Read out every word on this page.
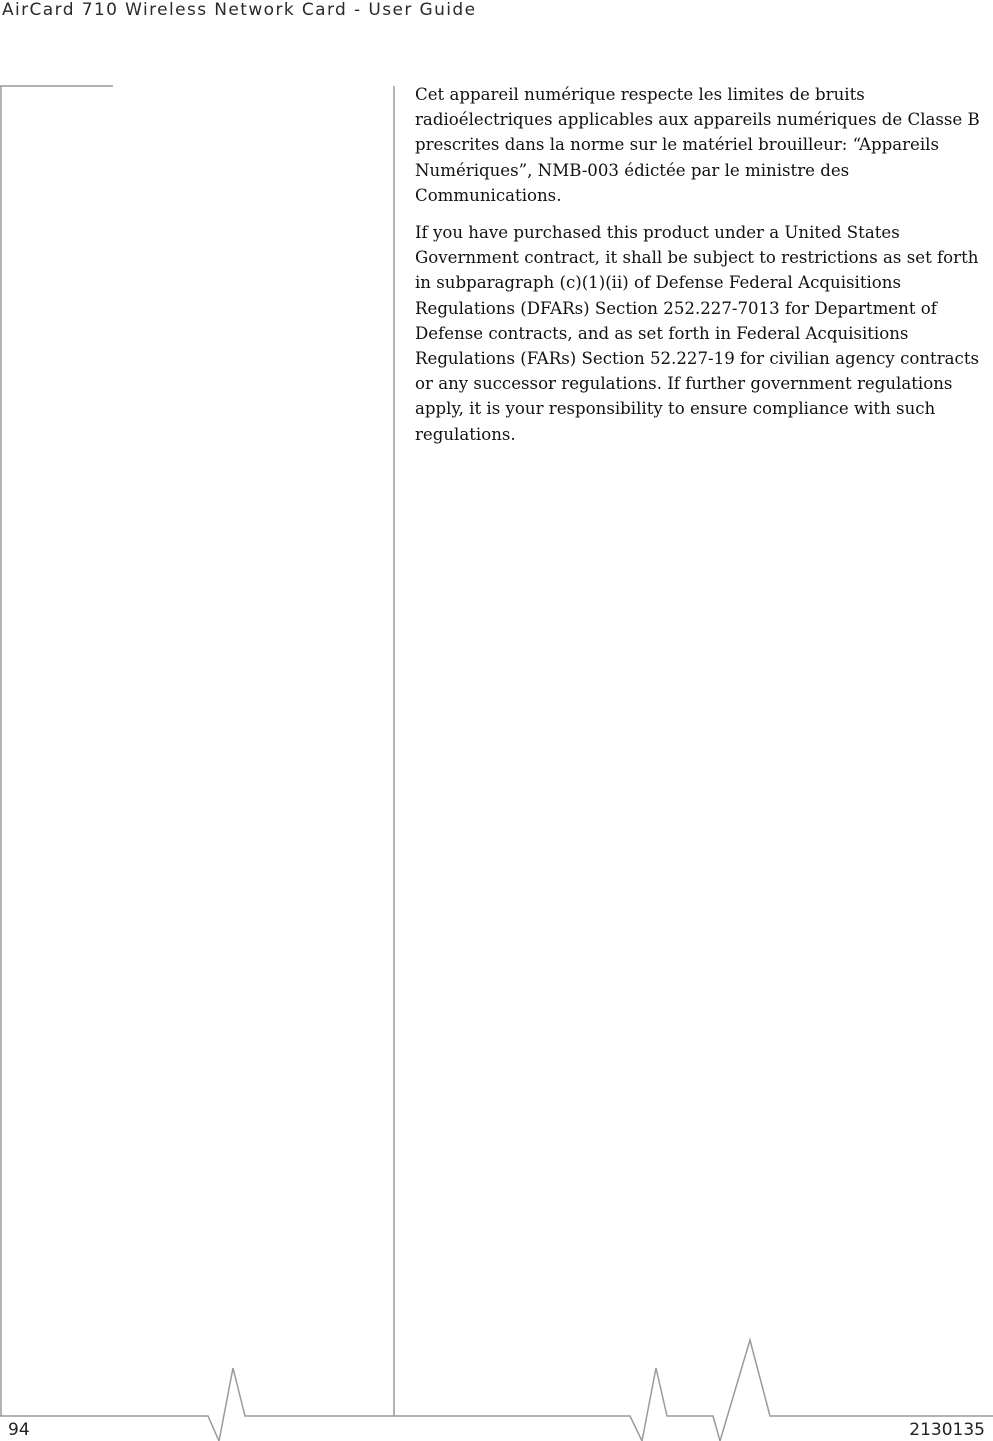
AirCard 710 Wireless Network Card - User Guide

Cet appareil numérique respecte les limites de bruits radioélectriques applicables aux appareils numériques de Classe B prescrites dans la norme sur le matériel brouilleur: “Appareils Numériques”, NMB-003 édictée par le ministre des Communications.

If you have purchased this product under a United States Government contract, it shall be subject to restrictions as set forth in subparagraph (c)(1)(ii) of Defense Federal Acquisitions Regulations (DFARs) Section 252.227-7013 for Department of Defense contracts, and as set forth in Federal Acquisitions Regulations (FARs) Section 52.227-19 for civilian agency contracts or any successor regulations. If further government regulations apply, it is your responsibility to ensure compliance with such regulations.

94	2130135
